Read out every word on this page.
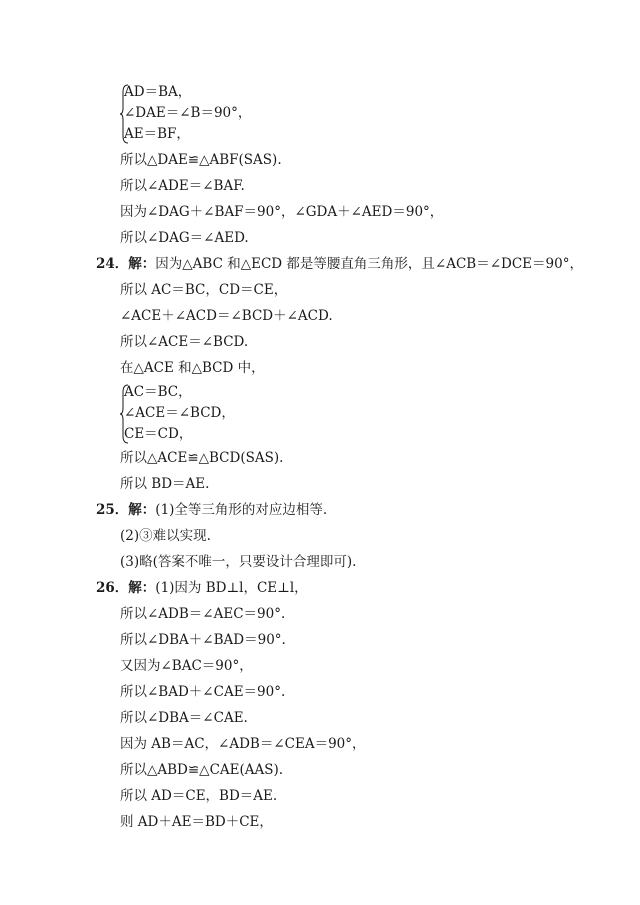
AD＝BA，
∠DAE＝∠B＝90°，
AE＝BF，
所以△DAE≌△ABF(SAS).
所以∠ADE＝∠BAF.
因为∠DAG＋∠BAF＝90°，∠GDA＋∠AED＝90°，
所以∠DAG＝∠AED.
24．解：因为△ABC 和△ECD 都是等腰直角三角形，且∠ACB＝∠DCE＝90°，
所以 AC＝BC，CD＝CE，
∠ACE＋∠ACD＝∠BCD＋∠ACD.
所以∠ACE＝∠BCD.
在△ACE 和△BCD 中，
AC＝BC，
∠ACE＝∠BCD，
CE＝CD，
所以△ACE≌△BCD(SAS).
所以 BD＝AE.
25．解：(1)全等三角形的对应边相等.
(2)③难以实现.
(3)略(答案不唯一，只要设计合理即可).
26．解：(1)因为 BD⊥l，CE⊥l，
所以∠ADB＝∠AEC＝90°.
所以∠DBA＋∠BAD＝90°.
又因为∠BAC＝90°，
所以∠BAD＋∠CAE＝90°.
所以∠DBA＝∠CAE.
因为 AB＝AC，∠ADB＝∠CEA＝90°，
所以△ABD≌△CAE(AAS).
所以 AD＝CE，BD＝AE.
则 AD＋AE＝BD＋CE，
